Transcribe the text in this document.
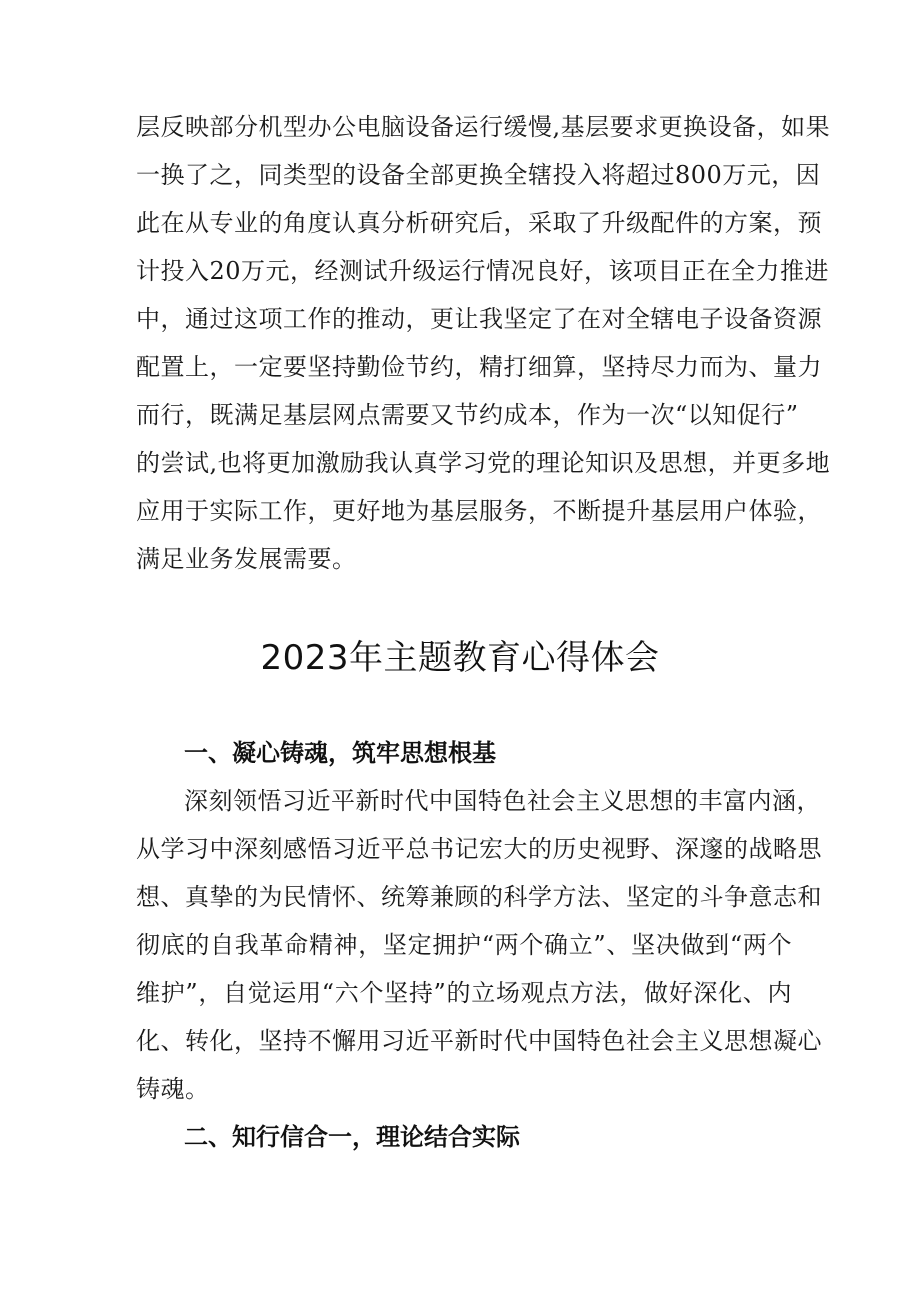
层反映部分机型办公电脑设备运行缓慢,基层要求更换设备，如果
一换了之，同类型的设备全部更换全辖投入将超过800万元，因
此在从专业的角度认真分析研究后，采取了升级配件的方案，预
计投入20万元，经测试升级运行情况良好，该项目正在全力推进
中，通过这项工作的推动，更让我坚定了在对全辖电子设备资源
配置上，一定要坚持勤俭节约，精打细算，坚持尽力而为、量力
而行，既满足基层网点需要又节约成本，作为一次“以知促行”
的尝试,也将更加激励我认真学习党的理论知识及思想，并更多地
应用于实际工作，更好地为基层服务，不断提升基层用户体验，
满足业务发展需要。
2023年主题教育心得体会
一、凝心铸魂，筑牢思想根基
深刻领悟习近平新时代中国特色社会主义思想的丰富内涵，
从学习中深刻感悟习近平总书记宏大的历史视野、深邃的战略思
想、真挚的为民情怀、统筹兼顾的科学方法、坚定的斗争意志和
彻底的自我革命精神，坚定拥护“两个确立”、坚决做到“两个
维护”，自觉运用“六个坚持”的立场观点方法，做好深化、内
化、转化，坚持不懈用习近平新时代中国特色社会主义思想凝心
铸魂。
二、知行信合一，理论结合实际
